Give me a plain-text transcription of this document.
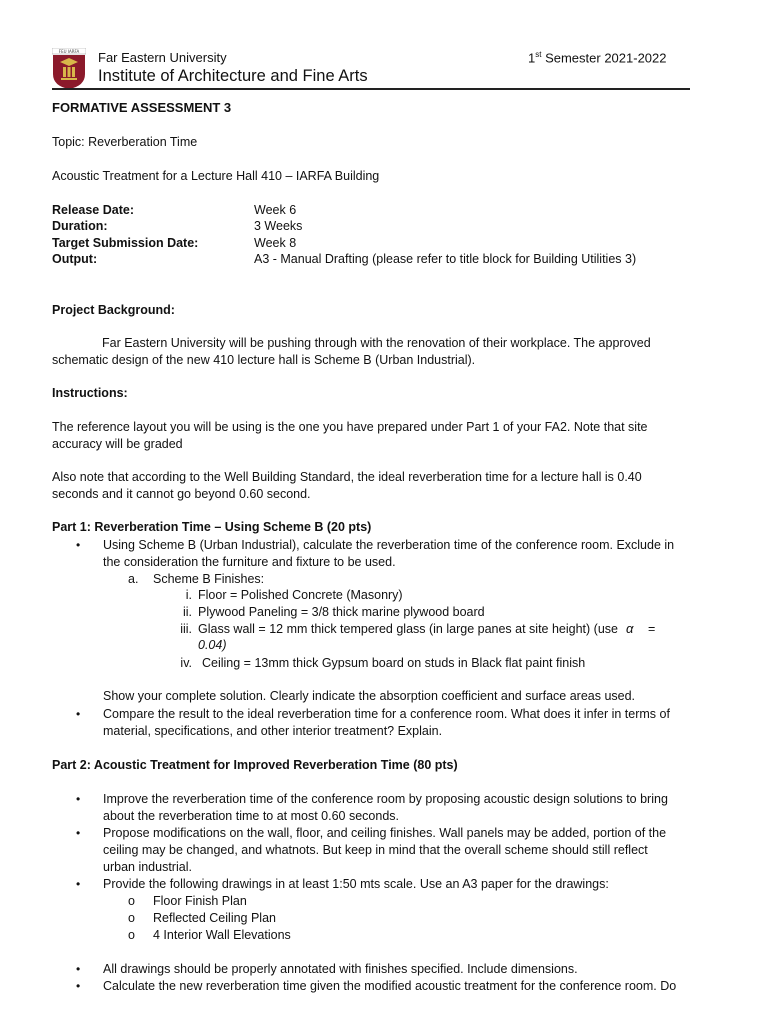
FEU IARFA Far Eastern University
Institute of Architecture and Fine Arts
1st Semester 2021-2022
FORMATIVE ASSESSMENT 3
Topic: Reverberation Time
Acoustic Treatment for a Lecture Hall 410 – IARFA Building
Release Date:	Week 6
Duration:	3 Weeks
Target Submission Date:	Week 8
Output:	A3 - Manual Drafting (please refer to title block for Building Utilities 3)
Project Background:
Far Eastern University will be pushing through with the renovation of their workplace. The approved
schematic design of the new 410 lecture hall is Scheme B (Urban Industrial).
Instructions:
The reference layout you will be using is the one you have prepared under Part 1 of your FA2. Note that site
accuracy will be graded
Also note that according to the Well Building Standard, the ideal reverberation time for a lecture hall is 0.40
seconds and it cannot go beyond 0.60 second.
Part 1: Reverberation Time – Using Scheme B (20 pts)
• Using Scheme B (Urban Industrial), calculate the reverberation time of the conference room. Exclude in
the consideration the furniture and fixture to be used.
a. Scheme B Finishes:
i. Floor = Polished Concrete (Masonry)
ii. Plywood Paneling = 3/8 thick marine plywood board
iii. Glass wall = 12 mm thick tempered glass (in large panes at site height) (use α =
0.04)
iv. Ceiling = 13mm thick Gypsum board on studs in Black flat paint finish
Show your complete solution. Clearly indicate the absorption coefficient and surface areas used.
• Compare the result to the ideal reverberation time for a conference room. What does it infer in terms of
material, specifications, and other interior treatment? Explain.
Part 2: Acoustic Treatment for Improved Reverberation Time (80 pts)
• Improve the reverberation time of the conference room by proposing acoustic design solutions to bring
about the reverberation time to at most 0.60 seconds.
• Propose modifications on the wall, floor, and ceiling finishes. Wall panels may be added, portion of the
ceiling may be changed, and whatnots. But keep in mind that the overall scheme should still reflect
urban industrial.
• Provide the following drawings in at least 1:50 mts scale. Use an A3 paper for the drawings:
o Floor Finish Plan
o Reflected Ceiling Plan
o 4 Interior Wall Elevations
• All drawings should be properly annotated with finishes specified. Include dimensions.
• Calculate the new reverberation time given the modified acoustic treatment for the conference room. Do
